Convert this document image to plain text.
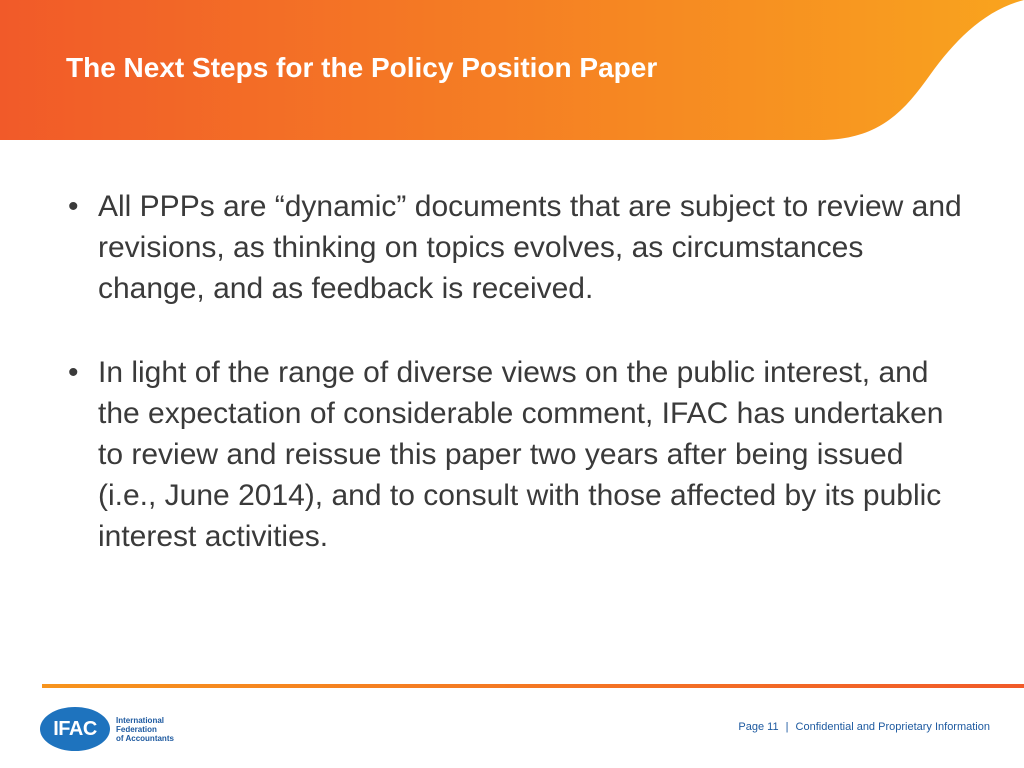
The Next Steps for the Policy Position Paper
• All PPPs are “dynamic” documents that are subject to review and revisions, as thinking on topics evolves, as circumstances change, and as feedback is received.
• In light of the range of diverse views on the public interest, and the expectation of considerable comment, IFAC has undertaken to review and reissue this paper two years after being issued (i.e., June 2014), and to consult with those affected by its public interest activities.
IFAC	International
Federation
of Accountants
Page 11 | Confidential and Proprietary Information
